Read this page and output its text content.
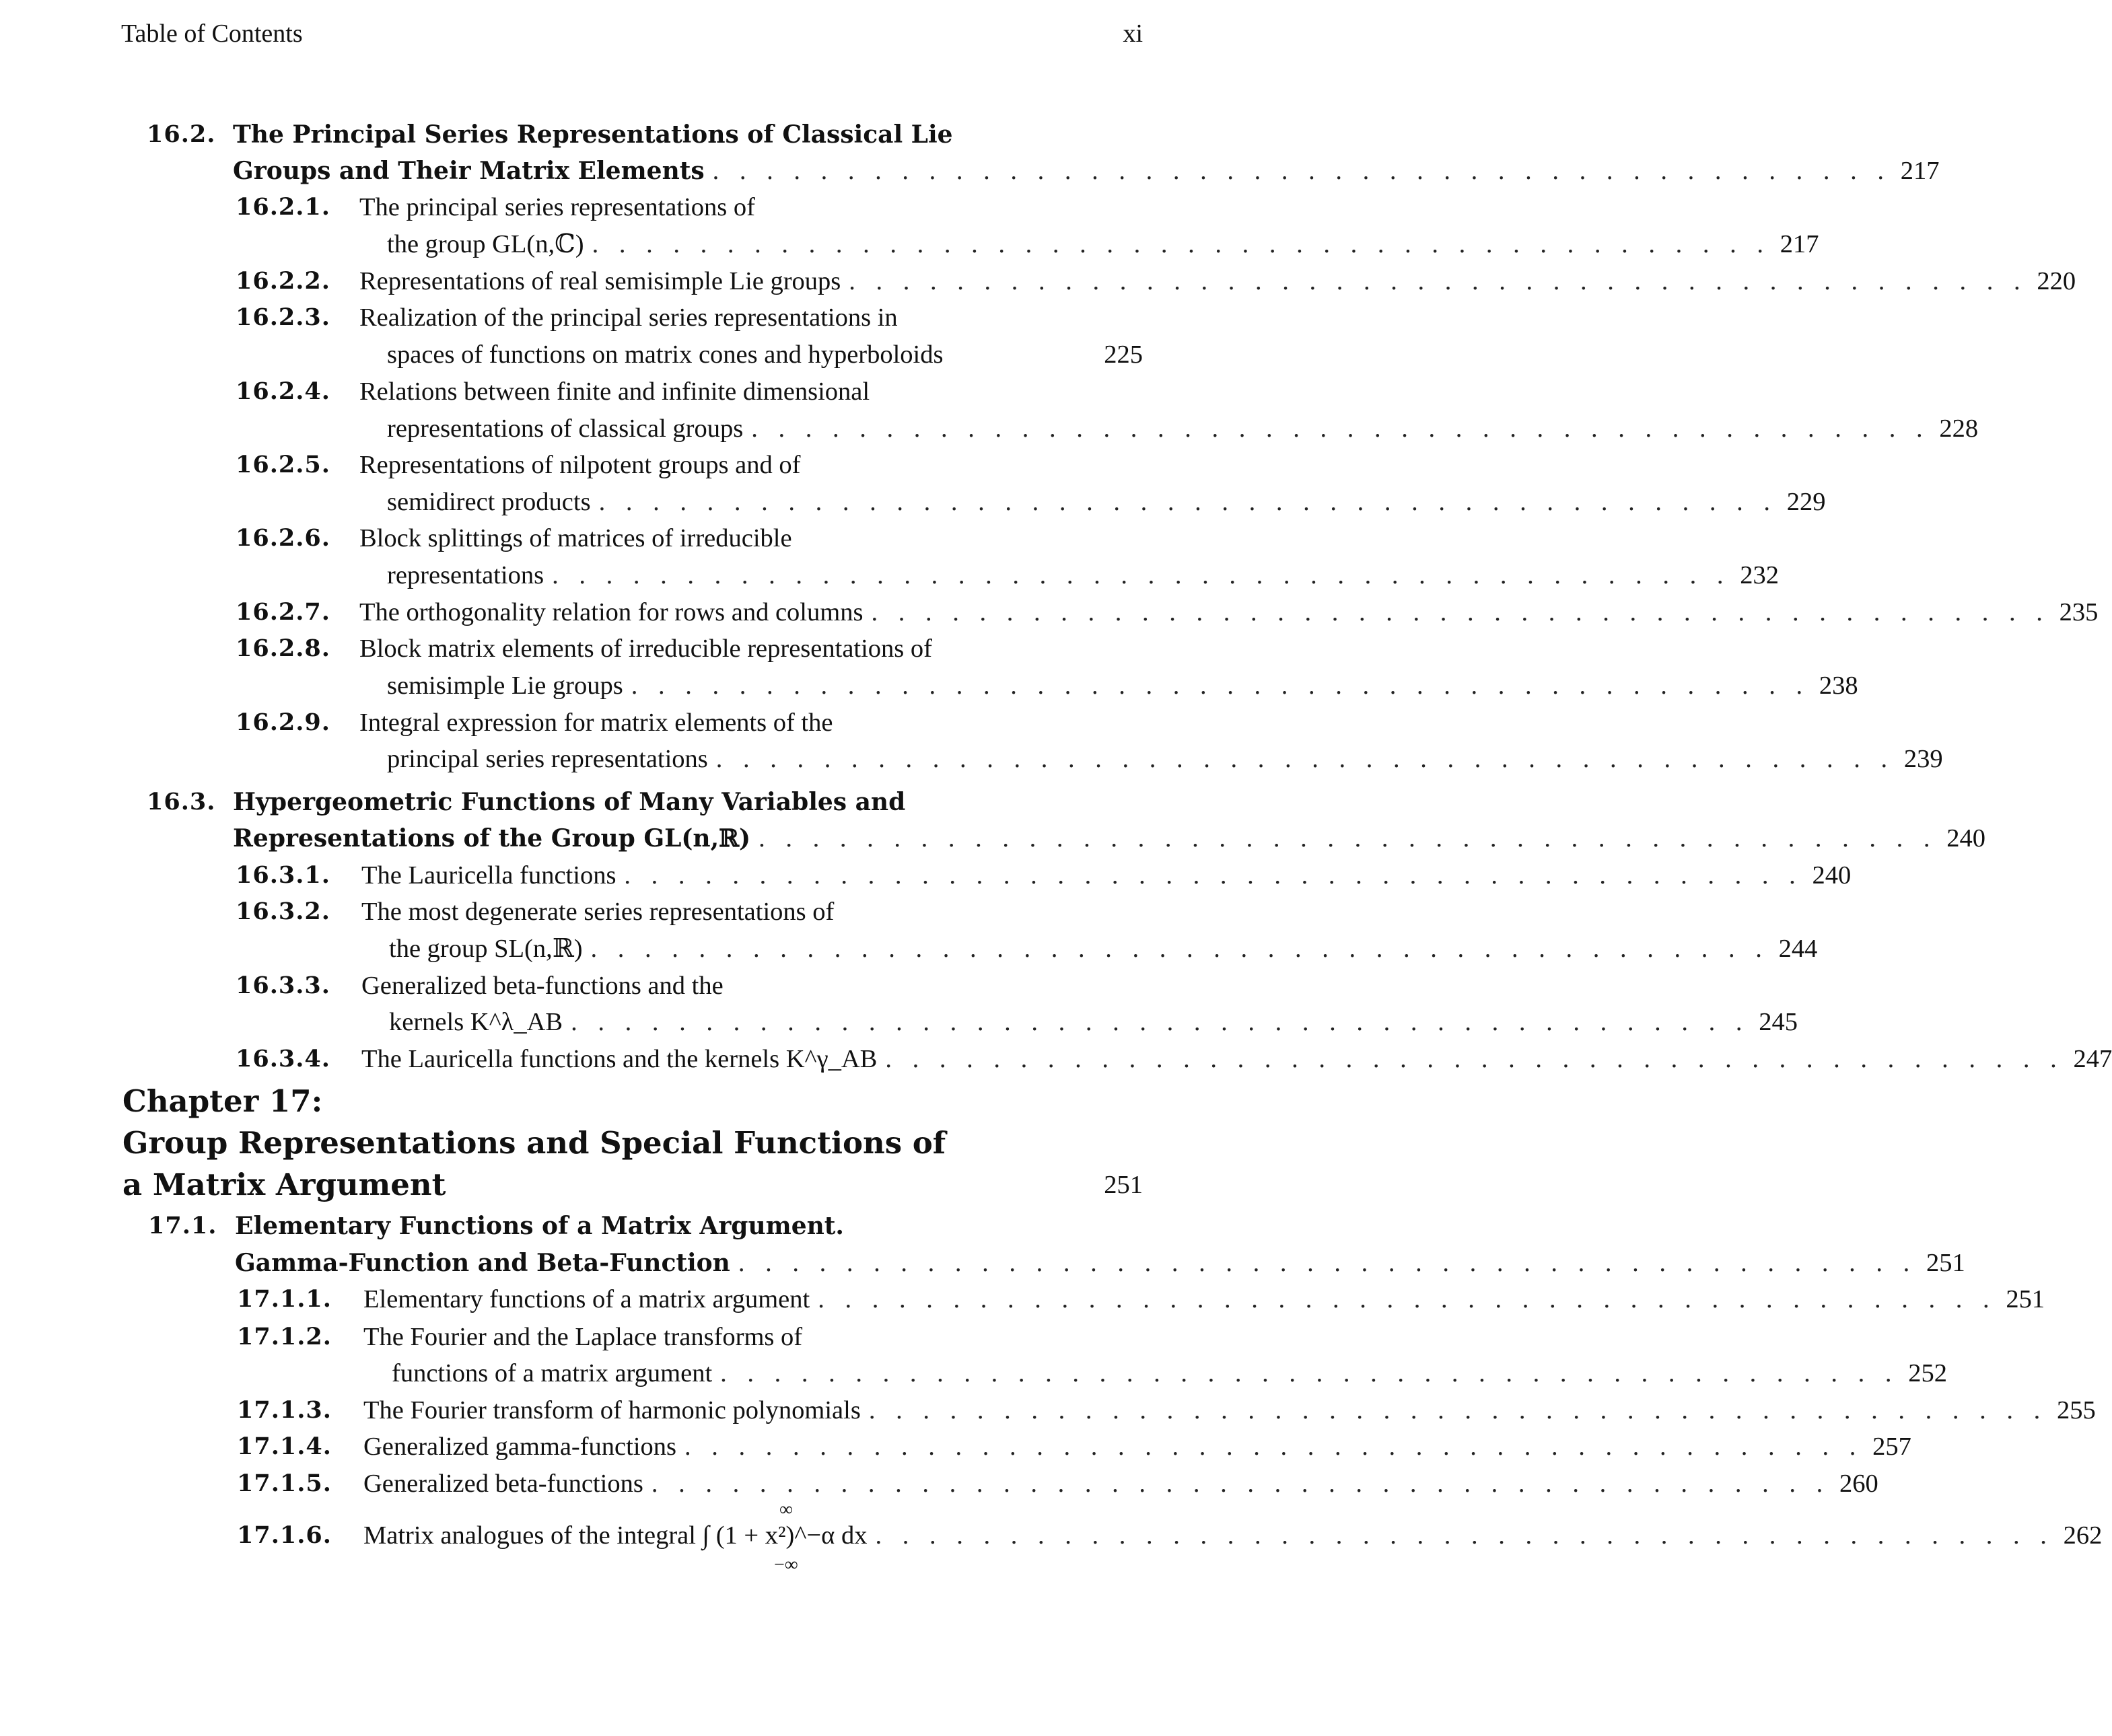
Table of Contents	xi
16.2. The Principal Series Representations of Classical Lie
Groups and Their Matrix Elements . . . . . . . . . . . . . . . . . . . . . . . . . . . . . . . . . . . . . . . . . . . . 217
16.2.1. The principal series representations of
the group GL(n,ℂ) . . . . . . . . . . . . . . . . . . . . . . . . . . . . . . . . . . . . . . . . . . . . 217
16.2.2. Representations of real semisimple Lie groups . . . . . . . . . . . . . . . . . . . . . . . . . . . . . . . . . . . . . . . . . . . . 220
16.2.3. Realization of the principal series representations in
spaces of functions on matrix cones and hyperboloids	225
16.2.4. Relations between finite and infinite dimensional
representations of classical groups . . . . . . . . . . . . . . . . . . . . . . . . . . . . . . . . . . . . . . . . . . . . 228
16.2.5. Representations of nilpotent groups and of
semidirect products . . . . . . . . . . . . . . . . . . . . . . . . . . . . . . . . . . . . . . . . . . . . 229
16.2.6. Block splittings of matrices of irreducible
representations . . . . . . . . . . . . . . . . . . . . . . . . . . . . . . . . . . . . . . . . . . . . 232
16.2.7. The orthogonality relation for rows and columns . . . . . . . . . . . . . . . . . . . . . . . . . . . . . . . . . . . . . . . . . . . . 235
16.2.8. Block matrix elements of irreducible representations of
semisimple Lie groups . . . . . . . . . . . . . . . . . . . . . . . . . . . . . . . . . . . . . . . . . . . . 238
16.2.9. Integral expression for matrix elements of the
principal series representations . . . . . . . . . . . . . . . . . . . . . . . . . . . . . . . . . . . . . . . . . . . . 239
16.3. Hypergeometric Functions of Many Variables and
Representations of the Group GL(n,ℝ) . . . . . . . . . . . . . . . . . . . . . . . . . . . . . . . . . . . . . . . . . . . . 240
16.3.1. The Lauricella functions . . . . . . . . . . . . . . . . . . . . . . . . . . . . . . . . . . . . . . . . . . . . 240
16.3.2. The most degenerate series representations of
the group SL(n,ℝ) . . . . . . . . . . . . . . . . . . . . . . . . . . . . . . . . . . . . . . . . . . . . 244
16.3.3. Generalized beta-functions and the
kernels K^λ_AB . . . . . . . . . . . . . . . . . . . . . . . . . . . . . . . . . . . . . . . . . . . . 245
16.3.4. The Lauricella functions and the kernels K^γ_AB . . . . . . . . . . . . . . . . . . . . . . . . . . . . . . . . . . . . . . . . . . . . 247
Chapter 17:
Group Representations and Special Functions of
a Matrix Argument	251
17.1. Elementary Functions of a Matrix Argument.
Gamma-Function and Beta-Function . . . . . . . . . . . . . . . . . . . . . . . . . . . . . . . . . . . . . . . . . . . . 251
17.1.1. Elementary functions of a matrix argument . . . . . . . . . . . . . . . . . . . . . . . . . . . . . . . . . . . . . . . . . . . . 251
17.1.2. The Fourier and the Laplace transforms of
functions of a matrix argument . . . . . . . . . . . . . . . . . . . . . . . . . . . . . . . . . . . . . . . . . . . . 252
17.1.3. The Fourier transform of harmonic polynomials . . . . . . . . . . . . . . . . . . . . . . . . . . . . . . . . . . . . . . . . . . . . 255
17.1.4. Generalized gamma-functions . . . . . . . . . . . . . . . . . . . . . . . . . . . . . . . . . . . . . . . . . . . . 257
17.1.5. Generalized beta-functions . . . . . . . . . . . . . . . . . . . . . . . . . . . . . . . . . . . . . . . . . . . . 260
∞
17.1.6. Matrix analogues of the integral ∫ (1 + x²)^−α dx . . . . . . . . . . . . . . . . . . . . . . . . . . . . . . . . . . . . . . . . . . . . 262
−∞
